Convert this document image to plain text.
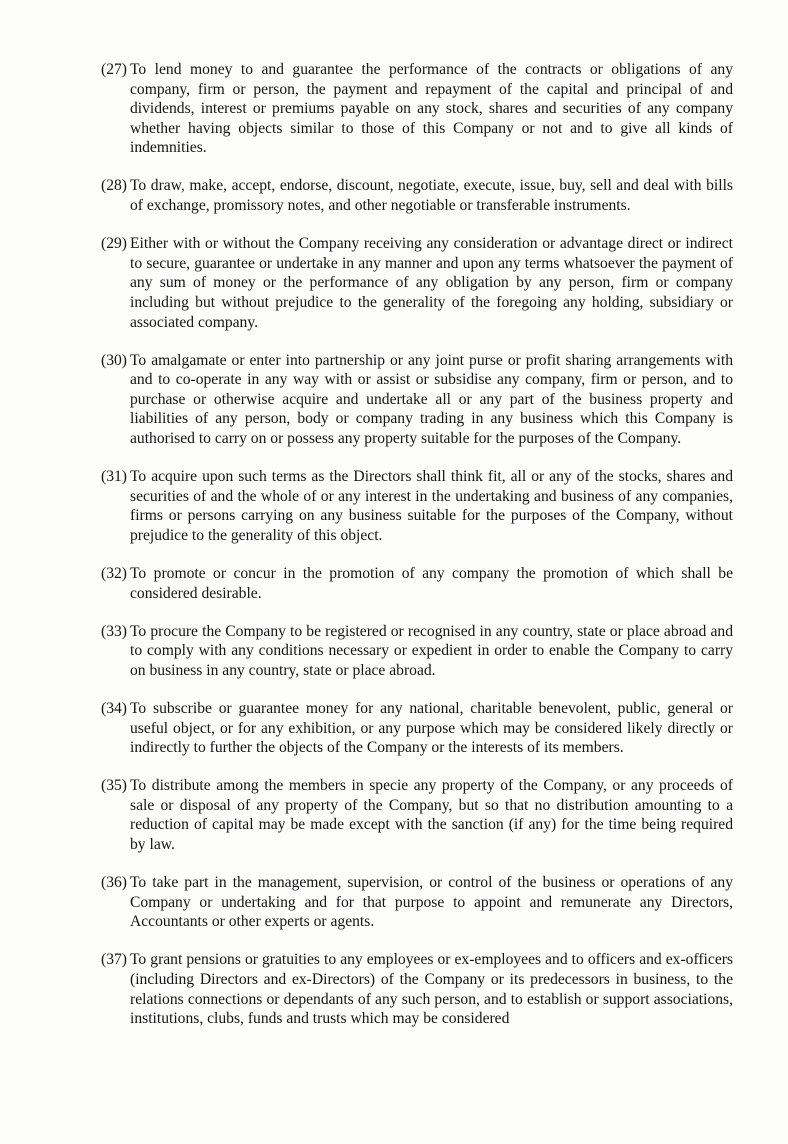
(27) To lend money to and guarantee the performance of the contracts or obligations of any company, firm or person, the payment and repayment of the capital and principal of and dividends, interest or premiums payable on any stock, shares and securities of any company whether having objects similar to those of this Company or not and to give all kinds of indemnities.
(28) To draw, make, accept, endorse, discount, negotiate, execute, issue, buy, sell and deal with bills of exchange, promissory notes, and other negotiable or transferable instruments.
(29) Either with or without the Company receiving any consideration or advantage direct or indirect to secure, guarantee or undertake in any manner and upon any terms whatsoever the payment of any sum of money or the performance of any obligation by any person, firm or company including but without prejudice to the generality of the foregoing any holding, subsidiary or associated company.
(30) To amalgamate or enter into partnership or any joint purse or profit sharing arrangements with and to co-operate in any way with or assist or subsidise any company, firm or person, and to purchase or otherwise acquire and undertake all or any part of the business property and liabilities of any person, body or company trading in any business which this Company is authorised to carry on or possess any property suitable for the purposes of the Company.
(31) To acquire upon such terms as the Directors shall think fit, all or any of the stocks, shares and securities of and the whole of or any interest in the undertaking and business of any companies, firms or persons carrying on any business suitable for the purposes of the Company, without prejudice to the generality of this object.
(32) To promote or concur in the promotion of any company the promotion of which shall be considered desirable.
(33) To procure the Company to be registered or recognised in any country, state or place abroad and to comply with any conditions necessary or expedient in order to enable the Company to carry on business in any country, state or place abroad.
(34) To subscribe or guarantee money for any national, charitable benevolent, public, general or useful object, or for any exhibition, or any purpose which may be considered likely directly or indirectly to further the objects of the Company or the interests of its members.
(35) To distribute among the members in specie any property of the Company, or any proceeds of sale or disposal of any property of the Company, but so that no distribution amounting to a reduction of capital may be made except with the sanction (if any) for the time being required by law.
(36) To take part in the management, supervision, or control of the business or operations of any Company or undertaking and for that purpose to appoint and remunerate any Directors, Accountants or other experts or agents.
(37) To grant pensions or gratuities to any employees or ex-employees and to officers and ex-officers (including Directors and ex-Directors) of the Company or its predecessors in business, to the relations connections or dependants of any such person, and to establish or support associations, institutions, clubs, funds and trusts which may be considered
